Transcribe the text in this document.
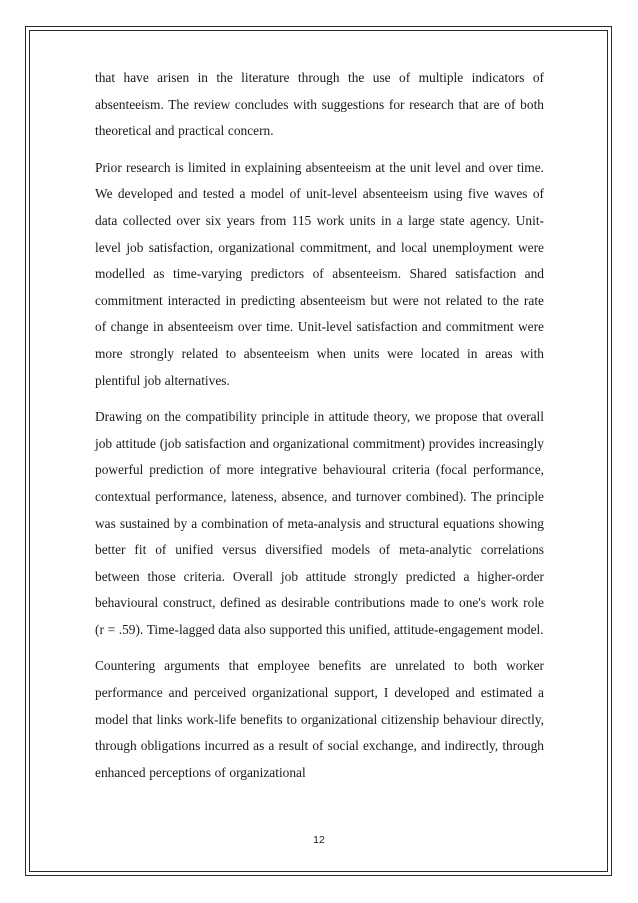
that have arisen in the literature through the use of multiple indicators of absenteeism. The review concludes with suggestions for research that are of both theoretical and practical concern.

Prior research is limited in explaining absenteeism at the unit level and over time. We developed and tested a model of unit-level absenteeism using five waves of data collected over six years from 115 work units in a large state agency. Unit-level job satisfaction, organizational commitment, and local unemployment were modelled as time-varying predictors of absenteeism. Shared satisfaction and commitment interacted in predicting absenteeism but were not related to the rate of change in absenteeism over time. Unit-level satisfaction and commitment were more strongly related to absenteeism when units were located in areas with plentiful job alternatives.

Drawing on the compatibility principle in attitude theory, we propose that overall job attitude (job satisfaction and organizational commitment) provides increasingly powerful prediction of more integrative behavioural criteria (focal performance, contextual performance, lateness, absence, and turnover combined). The principle was sustained by a combination of meta-analysis and structural equations showing better fit of unified versus diversified models of meta-analytic correlations between those criteria. Overall job attitude strongly predicted a higher-order behavioural construct, defined as desirable contributions made to one's work role (r = .59). Time-lagged data also supported this unified, attitude-engagement model.

Countering arguments that employee benefits are unrelated to both worker performance and perceived organizational support, I developed and estimated a model that links work-life benefits to organizational citizenship behaviour directly, through obligations incurred as a result of social exchange, and indirectly, through enhanced perceptions of organizational

12
